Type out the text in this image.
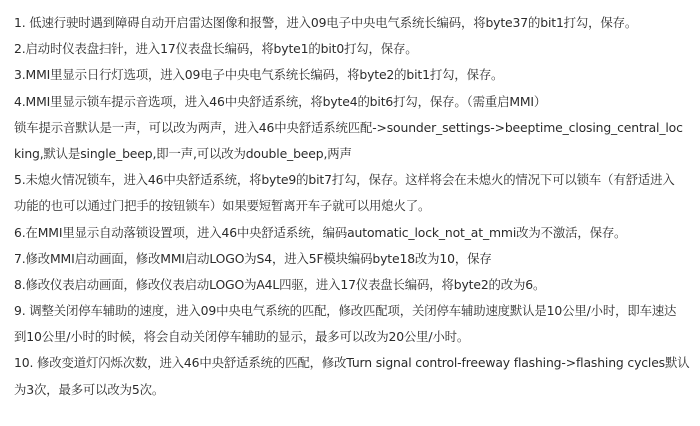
1. 低速行驶时遇到障碍自动开启雷达图像和报警，进入09电子中央电气系统长编码，将byte37的bit1打勾，保存。
2.启动时仪表盘扫针，进入17仪表盘长编码，将byte1的bit0打勾，保存。
3.MMI里显示日行灯选项，进入09电子中央电气系统长编码，将byte2的bit1打勾，保存。
4.MMI里显示锁车提示音选项，进入46中央舒适系统，将byte4的bit6打勾，保存。（需重启MMI）
锁车提示音默认是一声，可以改为两声，进入46中央舒适系统匹配->sounder_settings->beeptime_closing_central_loc
king,默认是single_beep,即一声,可以改为double_beep,两声
5.未熄火情况锁车，进入46中央舒适系统，将byte9的bit7打勾，保存。这样将会在未熄火的情况下可以锁车（有舒适进入
功能的也可以通过门把手的按钮锁车）如果要短暂离开车子就可以用熄火了。
6.在MMI里显示自动落锁设置项，进入46中央舒适系统，编码automatic_lock_not_at_mmi改为不激活，保存。
7.修改MMI启动画面，修改MMI启动LOGO为S4，进入5F模块编码byte18改为10，保存
8.修改仪表启动画面，修改仪表启动LOGO为A4L四驱，进入17仪表盘长编码，将byte2的改为6。
9. 调整关闭停车辅助的速度，进入09中央电气系统的匹配，修改匹配项，关闭停车辅助速度默认是10公里/小时，即车速达
到10公里/小时的时候，将会自动关闭停车辅助的显示，最多可以改为20公里/小时。
10. 修改变道灯闪烁次数，进入46中央舒适系统的匹配，修改Turn signal control-freeway flashing->flashing cycles默认
为3次，最多可以改为5次。
